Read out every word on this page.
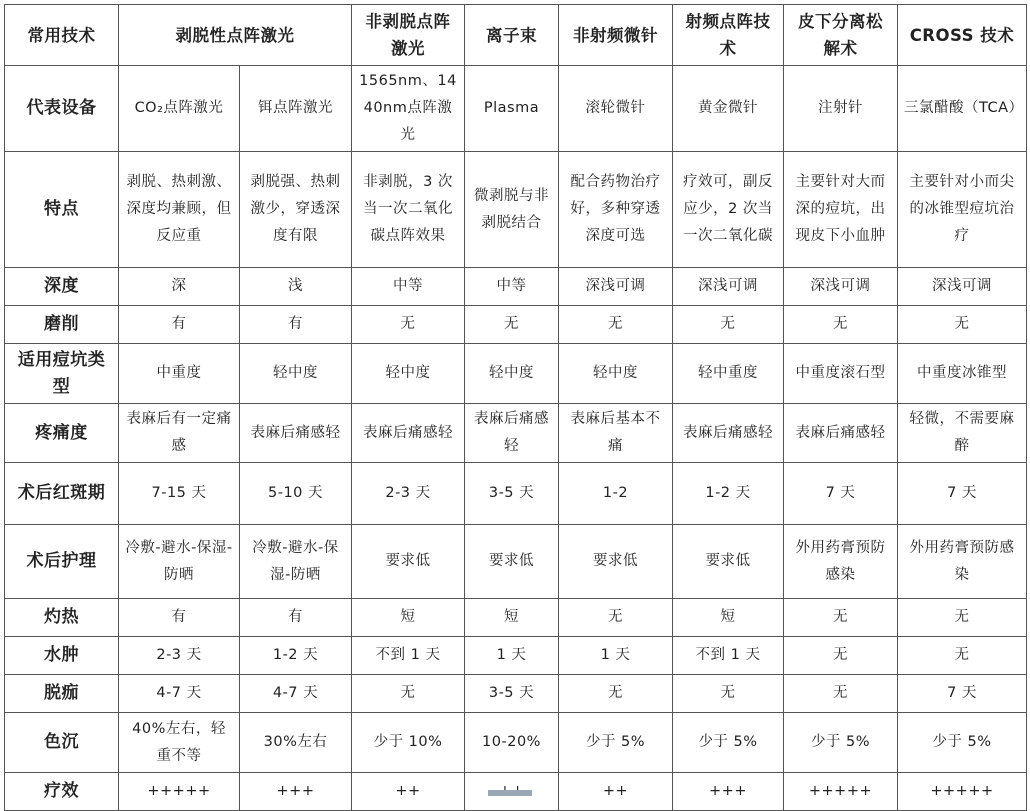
常用技术	剥脱性点阵激光		非剥脱点阵激光	离子束	非射频微针	射频点阵技术	皮下分离松解术	CROSS 技术
代表设备	CO₂点阵激光	铒点阵激光	1565nm、1440nm点阵激光	Plasma	滚轮微针	黄金微针	注射针	三氯醋酸（TCA）
特点	剥脱、热刺激、深度均兼顾，但反应重	剥脱强、热刺激少，穿透深度有限	非剥脱，3 次当一次二氧化碳点阵效果	微剥脱与非剥脱结合	配合药物治疗好，多种穿透深度可选	疗效可，副反应少，2 次当一次二氧化碳	主要针对大而深的痘坑，出现皮下小血肿	主要针对小而尖的冰锥型痘坑治疗
深度	深	浅	中等	中等	深浅可调	深浅可调	深浅可调	深浅可调
磨削	有	有	无	无	无	无	无	无
适用痘坑类型	中重度	轻中度	轻中度	轻中度	轻中度	轻中重度	中重度滚石型	中重度冰锥型
疼痛度	表麻后有一定痛感	表麻后痛感轻	表麻后痛感轻	表麻后痛感轻	表麻后基本不痛	表麻后痛感轻	表麻后痛感轻	轻微，不需要麻醉
术后红斑期	7-15 天	5-10 天	2-3 天	3-5 天	1-2	1-2 天	7 天	7 天
术后护理	冷敷-避水-保湿-防晒	冷敷-避水-保湿-防晒	要求低	要求低	要求低	要求低	外用药膏预防感染	外用药膏预防感染
灼热	有	有	短	短	无	短	无	无
水肿	2-3 天	1-2 天	不到 1 天	1 天	1 天	不到 1 天	无	无
脱痂	4-7 天	4-7 天	无	3-5 天	无	无	无	7 天
色沉	40%左右，轻重不等	30%左右	少于 10%	10-20%	少于 5%	少于 5%	少于 5%	少于 5%
疗效	+++++	+++	++		++	+++	+++++	+++++
